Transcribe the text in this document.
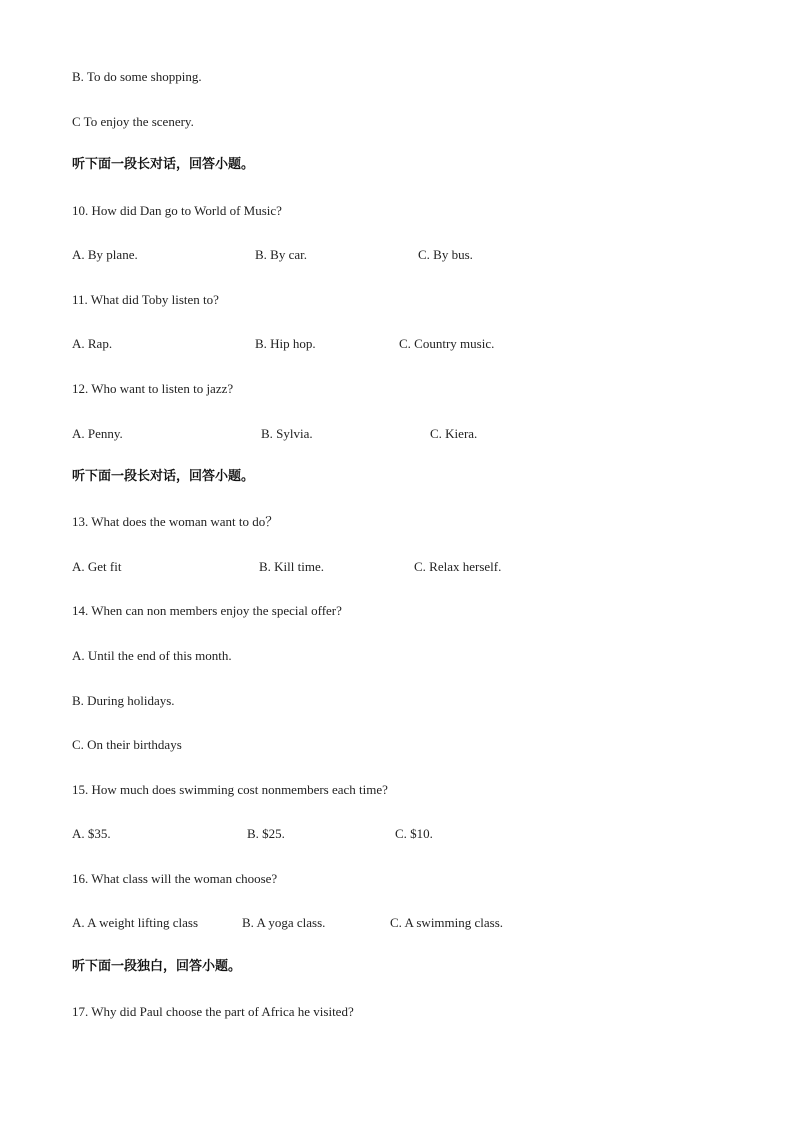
B. To do some shopping.
C To enjoy the scenery.
听下面一段长对话，回答小题。
10. How did Dan go to World of Music?
A. By plane.	B. By car.	C. By bus.
11. What did Toby listen to?
A. Rap.	B. Hip hop.	C. Country music.
12. Who want to listen to jazz?
A. Penny.	B. Sylvia.	C. Kiera.
听下面一段长对话，回答小题。
13. What does the woman want to do？
A. Get fit	B. Kill time.	C. Relax herself.
14. When can non members enjoy the special offer?
A. Until the end of this month.
B. During holidays.
C. On their birthdays
15. How much does swimming cost nonmembers each time?
A. $35.	B. $25.	C. $10.
16. What class will the woman choose?
A. A weight lifting class	B. A yoga class.	C. A swimming class.
听下面一段独白，回答小题。
17. Why did Paul choose the part of Africa he visited?
